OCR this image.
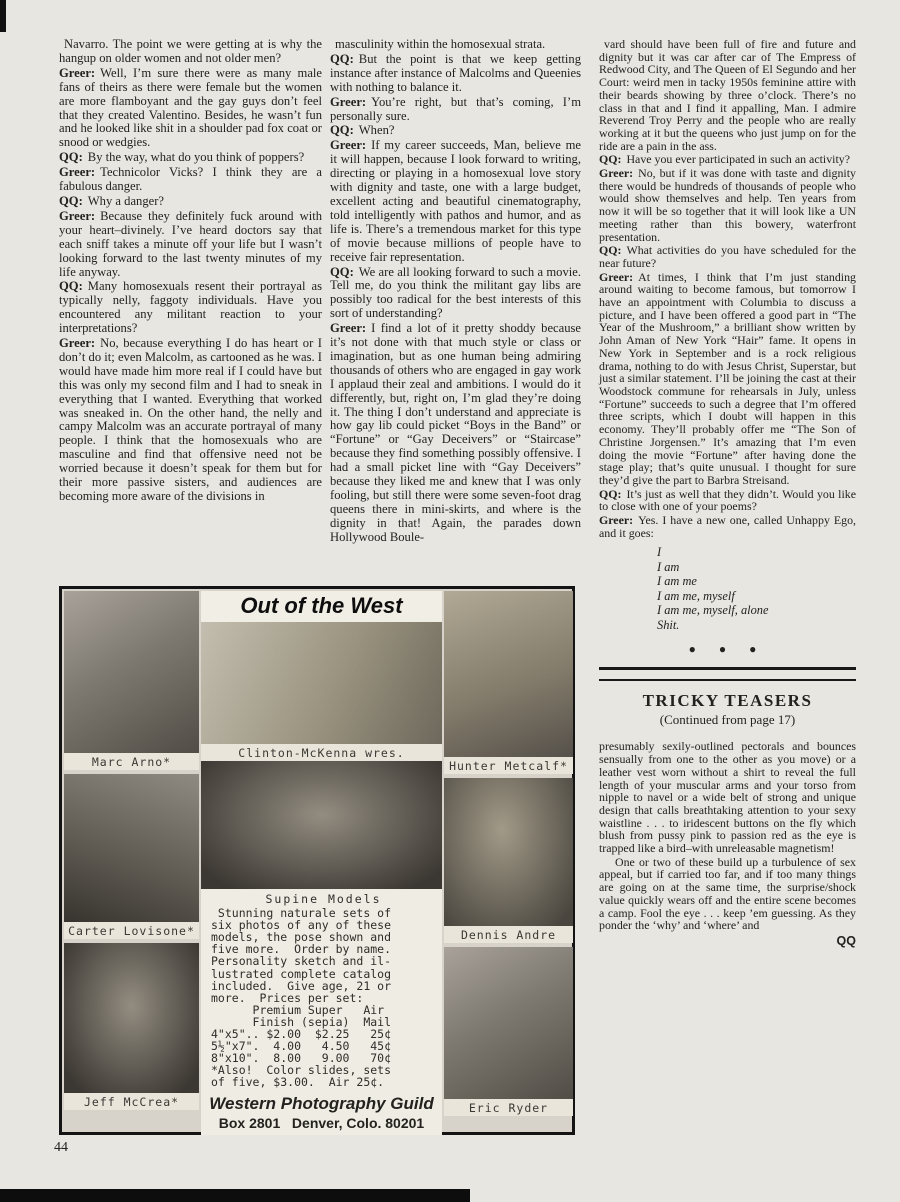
Navarro. The point we were getting at is why the hangup on older women and not older men?

Greer: Well, I’m sure there were as many male fans of theirs as there were female but the women are more flamboyant and the gay guys don’t feel that they created Valentino. Besides, he wasn’t fun and he looked like shit in a shoulder pad fox coat or snood or wedgies.

QQ: By the way, what do you think of poppers?

Greer: Technicolor Vicks? I think they are a fabulous danger.

QQ: Why a danger?

Greer: Because they definitely fuck around with your heart–divinely. I’ve heard doctors say that each sniff takes a minute off your life but I wasn’t looking forward to the last twenty minutes of my life anyway.

QQ: Many homosexuals resent their portrayal as typically nelly, faggoty individuals. Have you encountered any militant reaction to your interpretations?

Greer: No, because everything I do has heart or I don’t do it; even Malcolm, as cartooned as he was. I would have made him more real if I could have but this was only my second film and I had to sneak in everything that I wanted. Everything that worked was sneaked in. On the other hand, the nelly and campy Malcolm was an accurate portrayal of many people. I think that the homosexuals who are masculine and find that offensive need not be worried because it doesn’t speak for them but for their more passive sisters, and audiences are becoming more aware of the divisions in

masculinity within the homosexual strata.

QQ: But the point is that we keep getting instance after instance of Malcolms and Queenies with nothing to balance it.

Greer: You’re right, but that’s coming, I’m personally sure.

QQ: When?

Greer: If my career succeeds, Man, believe me it will happen, because I look forward to writing, directing or playing in a homosexual love story with dignity and taste, one with a large budget, excellent acting and beautiful cinematography, told intelligently with pathos and humor, and as life is. There’s a tremendous market for this type of movie because millions of people have to receive fair representation.

QQ: We are all looking forward to such a movie. Tell me, do you think the militant gay libs are possibly too radical for the best interests of this sort of understanding?

Greer: I find a lot of it pretty shoddy because it’s not done with that much style or class or imagination, but as one human being admiring thousands of others who are engaged in gay work I applaud their zeal and ambitions. I would do it differently, but, right on, I’m glad they’re doing it. The thing I don’t understand and appreciate is how gay lib could picket “Boys in the Band” or “Fortune” or “Gay Deceivers” or “Staircase” because they find something possibly offensive. I had a small picket line with “Gay Deceivers” because they liked me and knew that I was only fooling, but still there were some seven-foot drag queens there in mini-skirts, and where is the dignity in that! Again, the parades down Hollywood Boule-

vard should have been full of fire and future and dignity but it was car after car of The Empress of Redwood City, and The Queen of El Segundo and her Court: weird men in tacky 1950s feminine attire with their beards showing by three o’clock. There’s no class in that and I find it appalling, Man. I admire Reverend Troy Perry and the people who are really working at it but the queens who just jump on for the ride are a pain in the ass.

QQ: Have you ever participated in such an activity?

Greer: No, but if it was done with taste and dignity there would be hundreds of thousands of people who would show themselves and help. Ten years from now it will be so together that it will look like a UN meeting rather than this bowery, waterfront presentation.

QQ: What activities do you have scheduled for the near future?

Greer: At times, I think that I’m just standing around waiting to become famous, but tomorrow I have an appointment with Columbia to discuss a picture, and I have been offered a good part in “The Year of the Mushroom,” a brilliant show written by John Aman of New York “Hair” fame. It opens in New York in September and is a rock religious drama, nothing to do with Jesus Christ, Superstar, but just a similar statement. I’ll be joining the cast at their Woodstock commune for rehearsals in July, unless “Fortune” succeeds to such a degree that I’m offered three scripts, which I doubt will happen in this economy. They’ll probably offer me “The Son of Christine Jorgensen.” It’s amazing that I’m even doing the movie “Fortune” after having done the stage play; that’s quite unusual. I thought for sure they’d give the part to Barbra Streisand.

QQ: It’s just as well that they didn’t. Would you like to close with one of your poems?

Greer: Yes. I have a new one, called Unhappy Ego, and it goes:

I
I am
I am me
I am me, myself
I am me, myself, alone
Shit.
● ● ●
TRICKY TEASERS
(Continued from page 17)

presumably sexily-outlined pectorals and bounces sensually from one to the other as you move) or a leather vest worn without a shirt to reveal the full length of your muscular arms and your torso from nipple to navel or a wide belt of strong and unique design that calls breathtaking attention to your sexy waistline . . . to iridescent buttons on the fly which blush from pussy pink to passion red as the eye is trapped like a bird–with unreleasable magnetism!

One or two of these build up a turbulence of sex appeal, but if carried too far, and if too many things are going on at the same time, the surprise/shock value quickly wears off and the entire scene becomes a camp. Fool the eye . . . keep ’em guessing. As they ponder the ‘why’ and ‘where’ and

QQ
Marc Arno*
Carter Lovisone*
Jeff McCrea*
Out of the West
Clinton-McKenna wres.
Supine Models
Stunning naturale sets of
six photos of any of these
models, the pose shown and
five more.  Order by name.
Personality sketch and il-
lustrated complete catalog
included.  Give age, 21 or
more.  Prices per set:
Premium Super   Air
Finish (sepia)  Mail
4"x5".. $2.00  $2.25   25¢
5½"x7".  4.00   4.50   45¢
8"x10".  8.00   9.00   70¢
*Also!  Color slides, sets
of five, $3.00.  Air 25¢.
Western Photography Guild
Box 2801   Denver, Colo. 80201
Hunter Metcalf*
Dennis Andre
Eric Ryder
44
